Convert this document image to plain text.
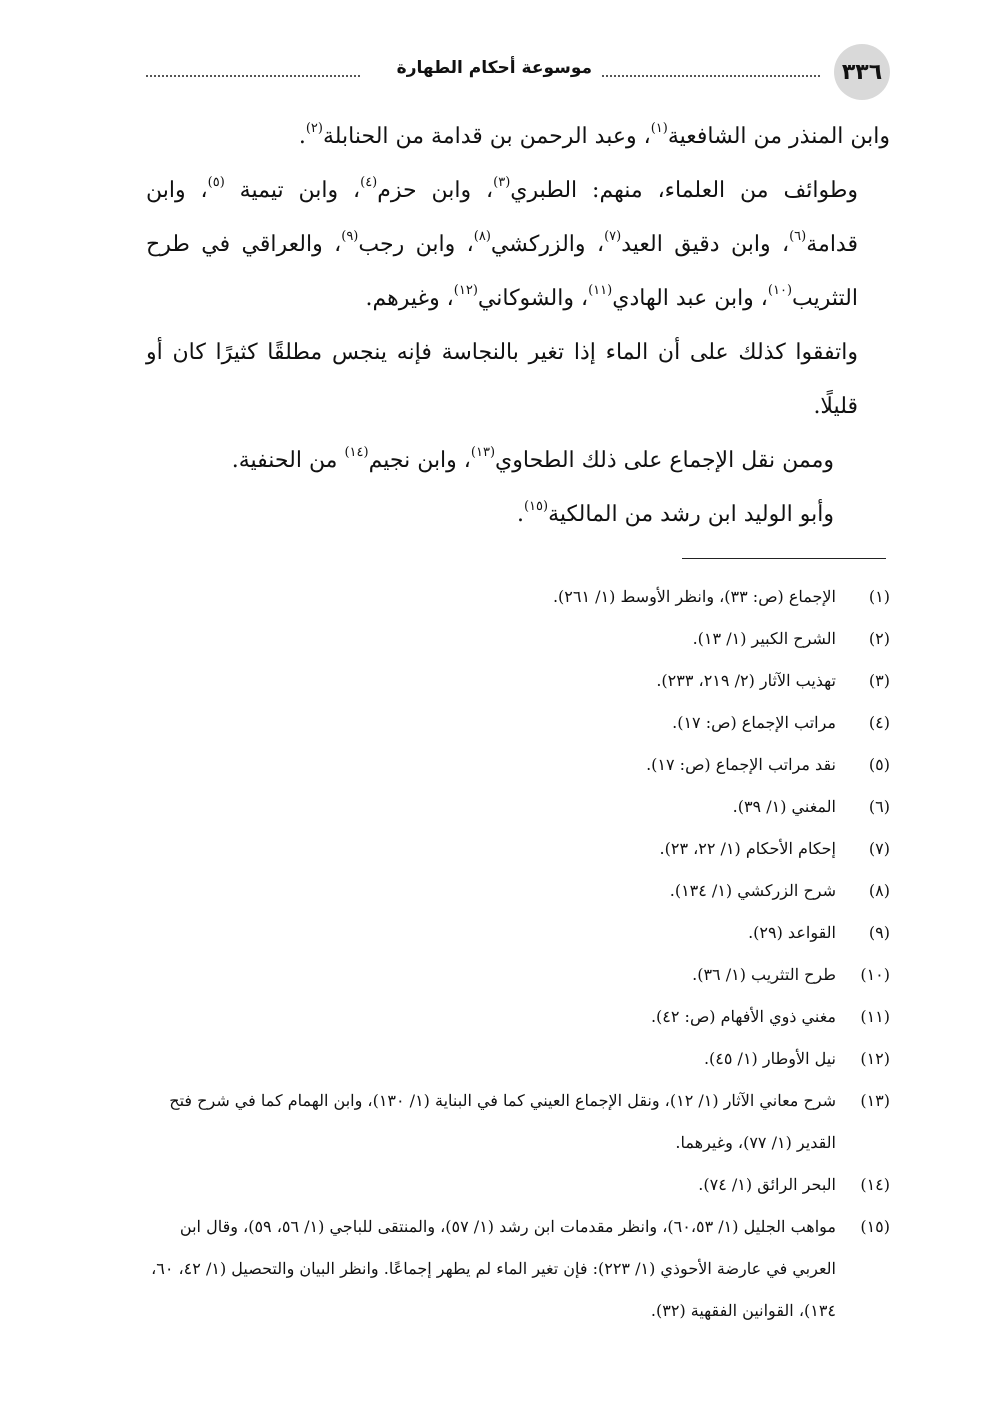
٣٣٦
موسوعة أحكام الطهارة

وابن المنذر من الشافعية$^{(١)}$، وعبد الرحمن بن قدامة من الحنابلة$^{(٢)}$.

وطوائف من العلماء، منهم: الطبري$^{(٣)}$، وابن حزم$^{(٤)}$، وابن تيمية $^{(٥)}$، وابن قدامة$^{(٦)}$، وابن دقيق العيد$^{(٧)}$، والزركشي$^{(٨)}$، وابن رجب$^{(٩)}$، والعراقي في طرح التثريب$^{(١٠)}$، وابن عبد الهادي$^{(١١)}$، والشوكاني$^{(١٢)}$، وغيرهم.

واتفقوا كذلك على أن الماء إذا تغير بالنجاسة فإنه ينجس مطلقًا كثيرًا كان أو قليلًا.

وممن نقل الإجماع على ذلك الطحاوي$^{(١٣)}$، وابن نجيم$^{(١٤)}$ من الحنفية.

وأبو الوليد ابن رشد من المالكية$^{(١٥)}$.

(١)
الإجماع (ص: ٣٣)، وانظر الأوسط (١/ ٢٦١).
(٢)
الشرح الكبير (١/ ١٣).
(٣)
تهذيب الآثار (٢/ ٢١٩، ٢٣٣).
(٤)
مراتب الإجماع (ص: ١٧).
(٥)
نقد مراتب الإجماع (ص: ١٧).
(٦)
المغني (١/ ٣٩).
(٧)
إحكام الأحكام (١/ ٢٢، ٢٣).
(٨)
شرح الزركشي (١/ ١٣٤).
(٩)
القواعد (٢٩).
(١٠)
طرح التثريب (١/ ٣٦).
(١١)
مغني ذوي الأفهام (ص: ٤٢).
(١٢)
نيل الأوطار (١/ ٤٥).
(١٣)
شرح معاني الآثار (١/ ١٢)، ونقل الإجماع العيني كما في البناية (١/ ١٣٠)، وابن الهمام كما في شرح فتح القدير (١/ ٧٧)، وغيرهما.
(١٤)
البحر الرائق (١/ ٧٤).
(١٥)
مواهب الجليل (١/ ٦٠،٥٣)، وانظر مقدمات ابن رشد (١/ ٥٧)، والمنتقى للباجي (١/ ٥٦، ٥٩)، وقال ابن العربي في عارضة الأحوذي (١/ ٢٢٣): فإن تغير الماء لم يطهر إجماعًا. وانظر البيان والتحصيل (١/ ٤٢، ٦٠، ١٣٤)، القوانين الفقهية (٣٢).
